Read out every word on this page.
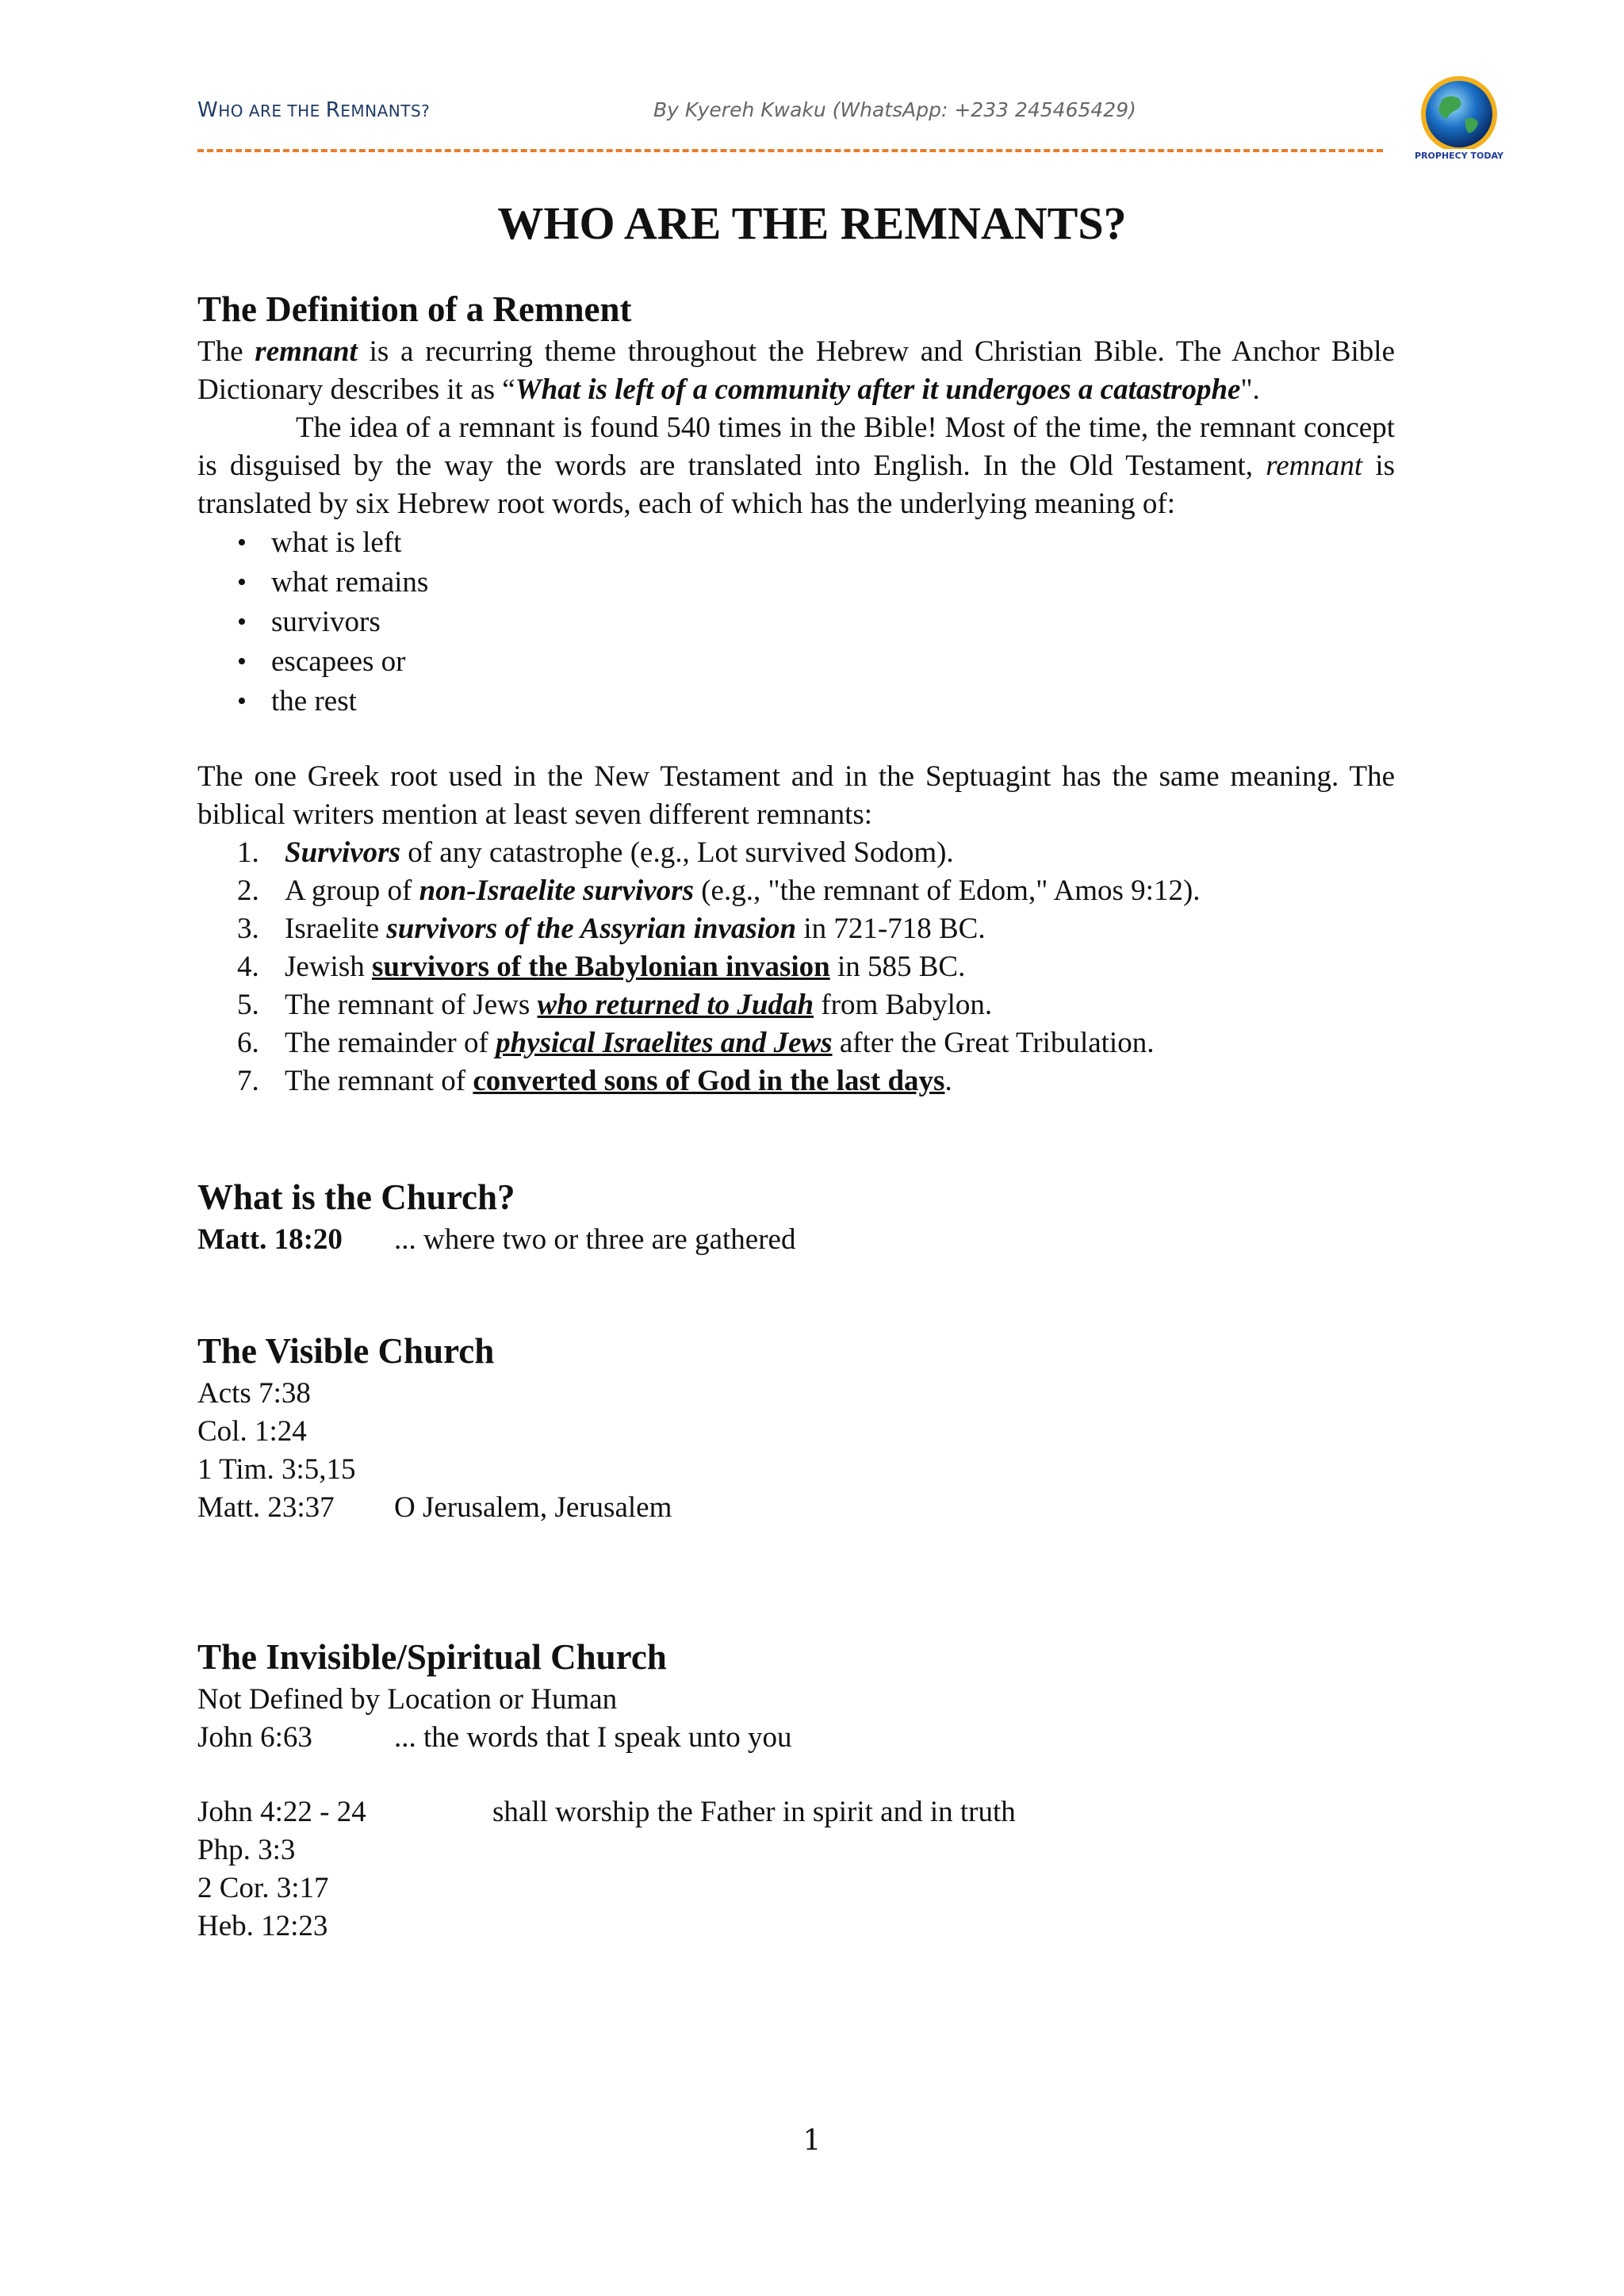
WHO ARE THE REMNANTS?	By Kyereh Kwaku (WhatsApp: +233 245465429)
PROPHECY TODAY
WHO ARE THE REMNANTS?
The Definition of a Remnent

The remnant is a recurring theme throughout the Hebrew and Christian Bible. The Anchor Bible Dictionary describes it as “What is left of a community after it undergoes a catastrophe".

The idea of a remnant is found 540 times in the Bible! Most of the time, the remnant concept is disguised by the way the words are translated into English. In the Old Testament, remnant is translated by six Hebrew root words, each of which has the underlying meaning of:

• what is left
• what remains
• survivors
• escapees or
• the rest

The one Greek root used in the New Testament and in the Septuagint has the same meaning. The biblical writers mention at least seven different remnants:

1. Survivors of any catastrophe (e.g., Lot survived Sodom).
2. A group of non-Israelite survivors (e.g., "the remnant of Edom," Amos 9:12).
3. Israelite survivors of the Assyrian invasion in 721-718 BC.
4. Jewish survivors of the Babylonian invasion in 585 BC.
5. The remnant of Jews who returned to Judah from Babylon.
6. The remainder of physical Israelites and Jews after the Great Tribulation.
7. The remnant of converted sons of God in the last days.
What is the Church?

Matt. 18:20 ... where two or three are gathered

The Visible Church

Acts 7:38

Col. 1:24

1 Tim. 3:5,15

Matt. 23:37 O Jerusalem, Jerusalem

The Invisible/Spiritual Church

Not Defined by Location or Human

John 6:63	... the words that I speak unto you

John 4:22 - 24	shall worship the Father in spirit and in truth

Php. 3:3

2 Cor. 3:17

Heb. 12:23

1
